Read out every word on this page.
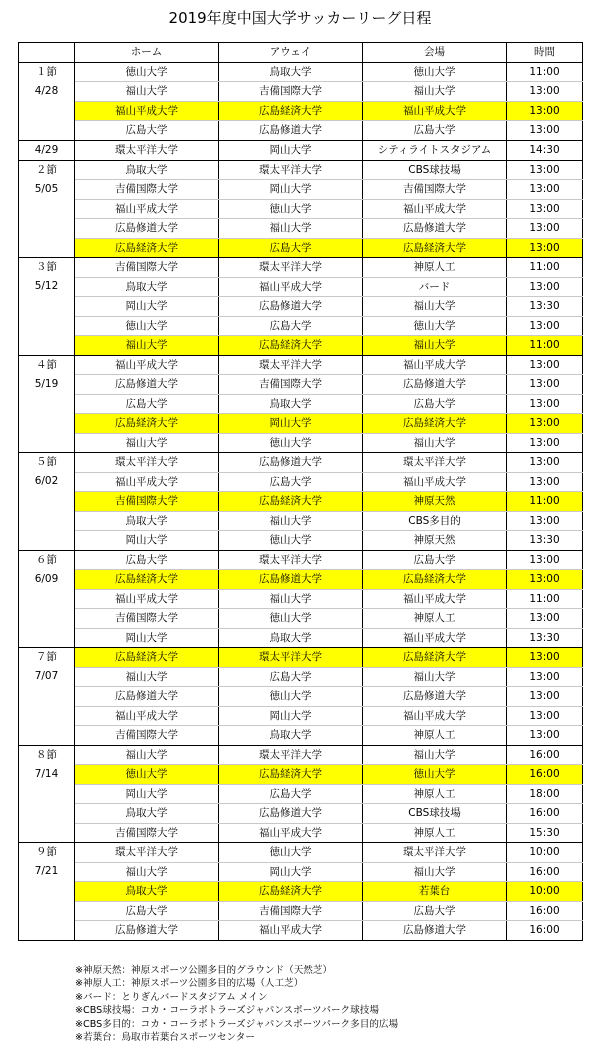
2019年度中国大学サッカーリーグ日程
	ホーム	アウェイ	会場	時間

１節
4/28	徳山大学	鳥取大学	徳山大学	11:00
	福山大学	吉備国際大学	福山大学	13:00
	福山平成大学	広島経済大学	福山平成大学	13:00
	広島大学	広島修道大学	広島大学	13:00

4/29	環太平洋大学	岡山大学	シティライトスタジアム	14:30

２節
5/05	鳥取大学	環太平洋大学	CBS球技場	13:00
	吉備国際大学	岡山大学	吉備国際大学	13:00
	福山平成大学	徳山大学	福山平成大学	13:00
	広島修道大学	福山大学	広島修道大学	13:00
	広島経済大学	広島大学	広島経済大学	13:00

３節
5/12	吉備国際大学	環太平洋大学	神原人工	11:00
	鳥取大学	福山平成大学	バード	13:00
	岡山大学	広島修道大学	福山大学	13:30
	徳山大学	広島大学	徳山大学	13:00
	福山大学	広島経済大学	福山大学	11:00

４節
5/19	福山平成大学	環太平洋大学	福山平成大学	13:00
	広島修道大学	吉備国際大学	広島修道大学	13:00
	広島大学	鳥取大学	広島大学	13:00
	広島経済大学	岡山大学	広島経済大学	13:00
	福山大学	徳山大学	福山大学	13:00

５節
6/02	環太平洋大学	広島修道大学	環太平洋大学	13:00
	福山平成大学	広島大学	福山平成大学	13:00
	吉備国際大学	広島経済大学	神原天然	11:00
	鳥取大学	福山大学	CBS多目的	13:00
	岡山大学	徳山大学	神原天然	13:30

６節
6/09	広島大学	環太平洋大学	広島大学	13:00
	広島経済大学	広島修道大学	広島経済大学	13:00
	福山平成大学	福山大学	福山平成大学	11:00
	吉備国際大学	徳山大学	神原人工	13:00
	岡山大学	鳥取大学	福山平成大学	13:30

７節
7/07	広島経済大学	環太平洋大学	広島経済大学	13:00
	福山大学	広島大学	福山大学	13:00
	広島修道大学	徳山大学	広島修道大学	13:00
	福山平成大学	岡山大学	福山平成大学	13:00
	吉備国際大学	鳥取大学	神原人工	13:00

８節
7/14	福山大学	環太平洋大学	福山大学	16:00
	徳山大学	広島経済大学	徳山大学	16:00
	岡山大学	広島大学	神原人工	18:00
	鳥取大学	広島修道大学	CBS球技場	16:00
	吉備国際大学	福山平成大学	神原人工	15:30

９節
7/21	環太平洋大学	徳山大学	環太平洋大学	10:00
	福山大学	岡山大学	福山大学	16:00
	鳥取大学	広島経済大学	若葉台	10:00
	広島大学	吉備国際大学	広島大学	16:00
	広島修道大学	福山平成大学	広島修道大学	16:00
※神原天然：神原スポーツ公園多目的グラウンド（天然芝）
※神原人工：神原スポーツ公園多目的広場（人工芝）
※バード：とりぎんバードスタジアム メイン
※CBS球技場：コカ・コーラボトラーズジャパンスポーツパーク球技場
※CBS多目的：コカ・コーラボトラーズジャパンスポーツパーク多目的広場
※若葉台：鳥取市若葉台スポーツセンター
